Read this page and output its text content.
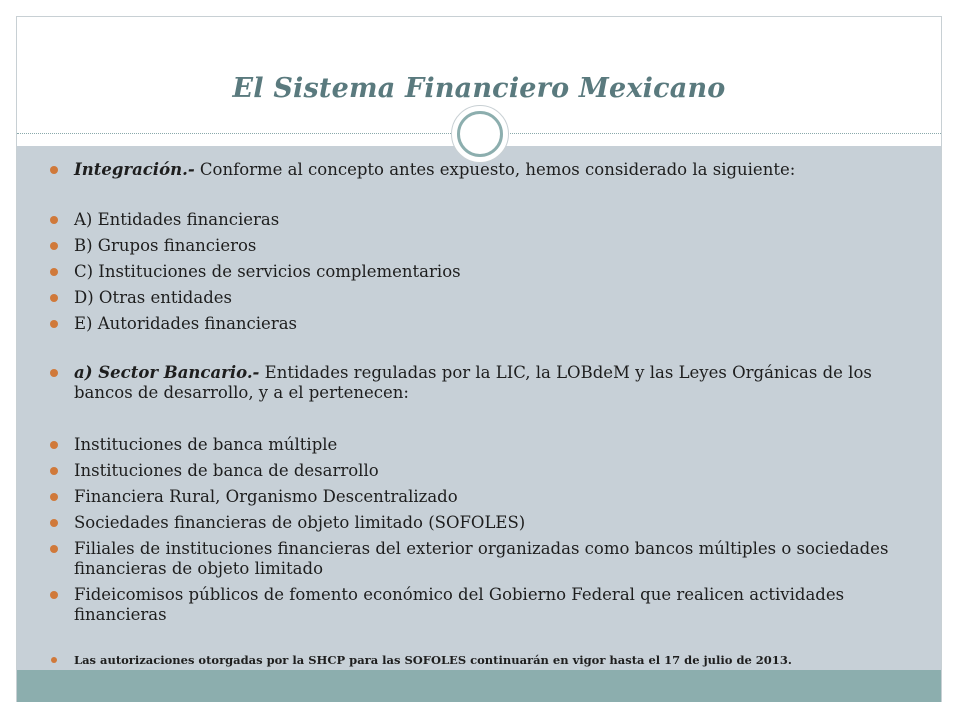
El Sistema Financiero Mexicano
Integración.- Conforme al concepto antes expuesto, hemos considerado la siguiente:
A) Entidades financieras
B) Grupos financieros
C) Instituciones de servicios complementarios
D) Otras entidades
E) Autoridades financieras
a) Sector Bancario.- Entidades reguladas por la LIC, la LOBdeM y las Leyes Orgánicas de los bancos de desarrollo, y a el pertenecen:
Instituciones de banca múltiple
Instituciones de banca de desarrollo
Financiera Rural, Organismo Descentralizado
Sociedades financieras de objeto limitado (SOFOLES)
Filiales de instituciones financieras del exterior organizadas como bancos múltiples o sociedades financieras de objeto limitado
Fideicomisos públicos de fomento económico del Gobierno Federal que realicen actividades financieras
Las autorizaciones otorgadas por la SHCP para las SOFOLES continuarán en vigor hasta el 17 de julio de 2013.
